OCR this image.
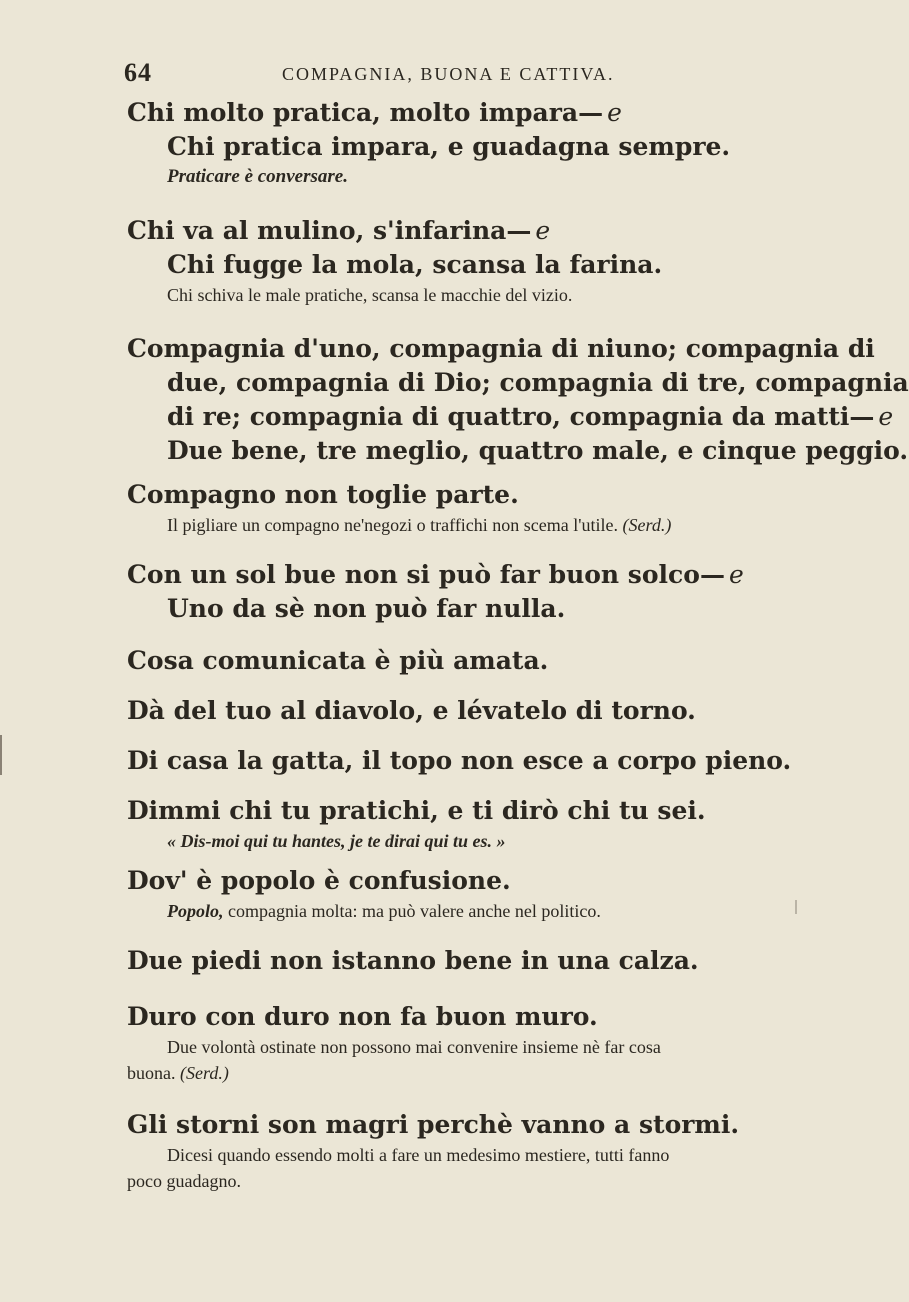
64	COMPAGNIA, BUONA E CATTIVA.
Chi molto pratica, molto impara— e
Chi pratica impara, e guadagna sempre.
Praticare è conversare.
Chi va al mulino, s'infarina— e
Chi fugge la mola, scansa la farina.
Chi schiva le male pratiche, scansa le macchie del vizio.
Compagnia d'uno, compagnia di niuno; compagnia di
due, compagnia di Dio; compagnia di tre, compagnia
di re; compagnia di quattro, compagnia da matti— e
Due bene, tre meglio, quattro male, e cinque peggio.
Compagno non toglie parte.
Il pigliare un compagno ne'negozi o traffichi non scema l'utile. (Serd.)
Con un sol bue non si può far buon solco— e
Uno da sè non può far nulla.
Cosa comunicata è più amata.
Dà del tuo al diavolo, e lévatelo di torno.
Di casa la gatta, il topo non esce a corpo pieno.
Dimmi chi tu pratichi, e ti dirò chi tu sei.
« Dis-moi qui tu hantes, je te dirai qui tu es. »
Dov' è popolo è confusione.
Popolo, compagnia molta: ma può valere anche nel politico.
Due piedi non istanno bene in una calza.
Duro con duro non fa buon muro.
Due volontà ostinate non possono mai convenire insieme nè far cosa
buona. (Serd.)
Gli storni son magri perchè vanno a stormi.
Dicesi quando essendo molti a fare un medesimo mestiere, tutti fanno
poco guadagno.
